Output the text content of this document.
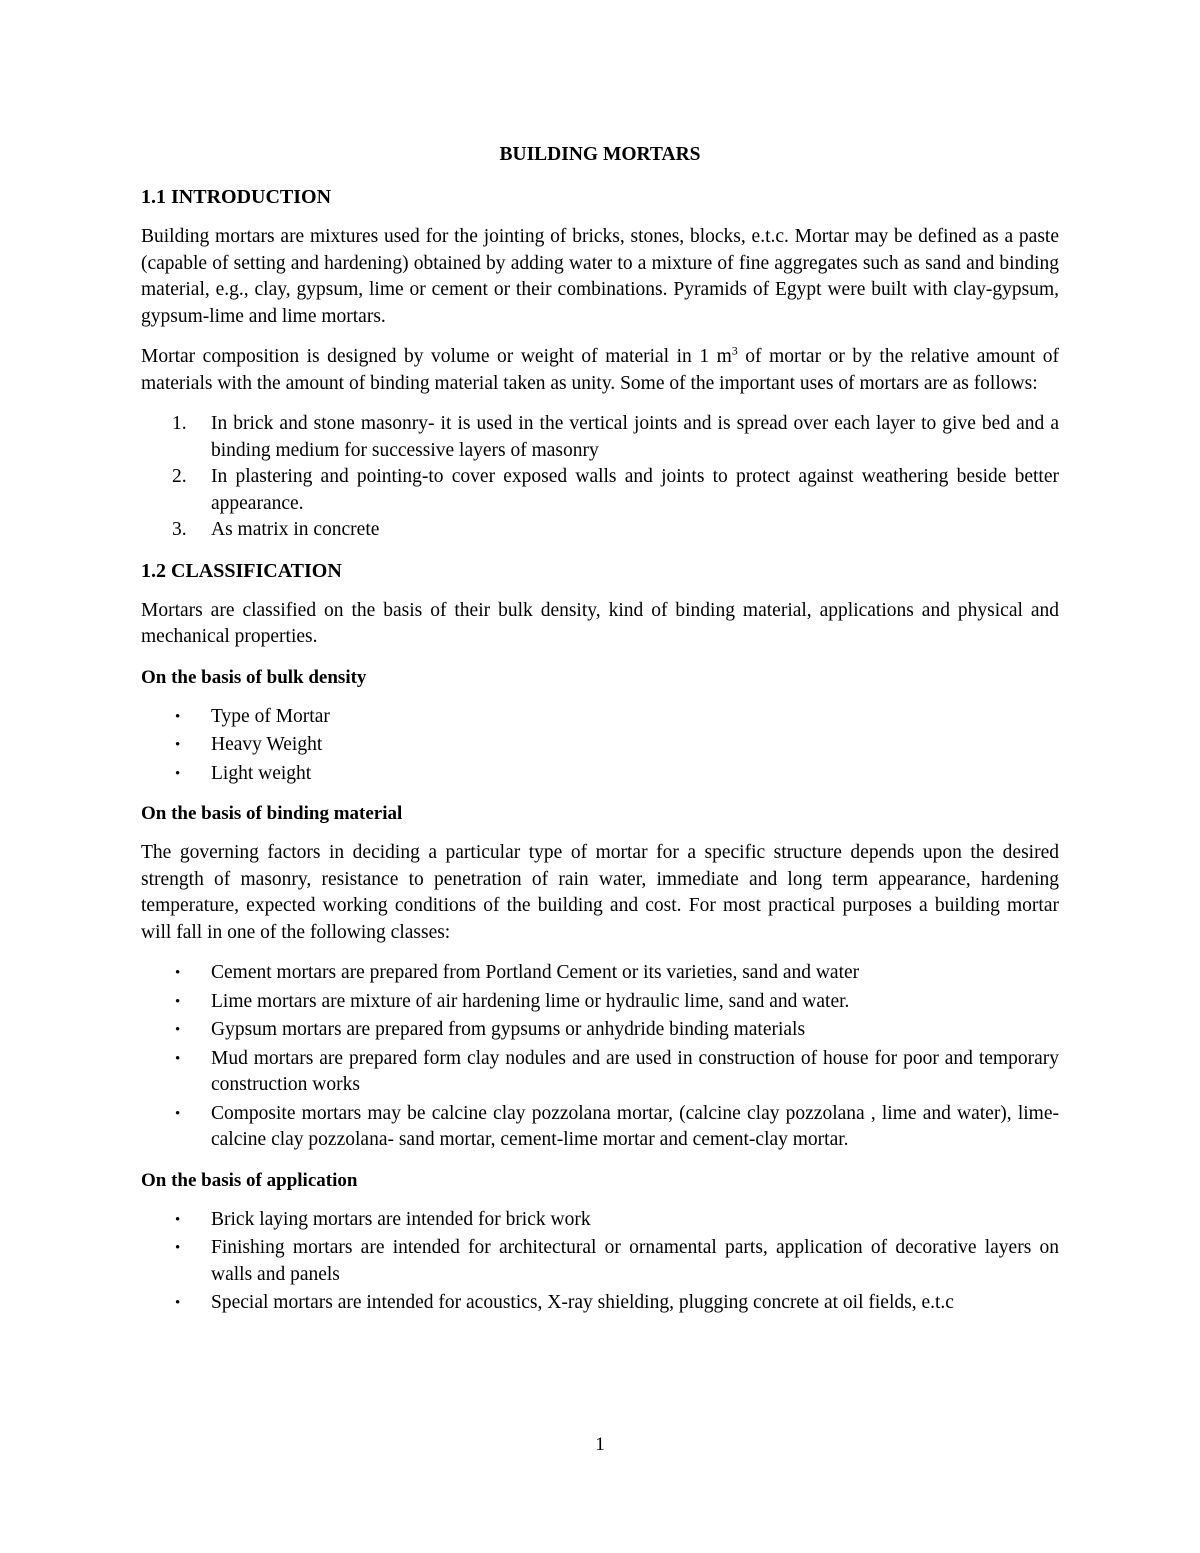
BUILDING MORTARS
1.1 INTRODUCTION

Building mortars are mixtures used for the jointing of bricks, stones, blocks, e.t.c. Mortar may be defined as a paste (capable of setting and hardening) obtained by adding water to a mixture of fine aggregates such as sand and binding material, e.g., clay, gypsum, lime or cement or their combinations. Pyramids of Egypt were built with clay-gypsum, gypsum-lime and lime mortars.

Mortar composition is designed by volume or weight of material in 1 $m^3$ of mortar or by the relative amount of materials with the amount of binding material taken as unity. Some of the important uses of mortars are as follows:

1. In brick and stone masonry- it is used in the vertical joints and is spread over each layer to give bed and a binding medium for successive layers of masonry
2. In plastering and pointing-to cover exposed walls and joints to protect against weathering beside better appearance.
3. As matrix in concrete
1.2 CLASSIFICATION

Mortars are classified on the basis of their bulk density, kind of binding material, applications and physical and mechanical properties.

On the basis of bulk density
• Type of Mortar
• Heavy Weight
• Light weight
On the basis of binding material

The governing factors in deciding a particular type of mortar for a specific structure depends upon the desired strength of masonry, resistance to penetration of rain water, immediate and long term appearance, hardening temperature, expected working conditions of the building and cost. For most practical purposes a building mortar will fall in one of the following classes:

• Cement mortars are prepared from Portland Cement or its varieties, sand and water
• Lime mortars are mixture of air hardening lime or hydraulic lime, sand and water.
• Gypsum mortars are prepared from gypsums or anhydride binding materials
• Mud mortars are prepared form clay nodules and are used in construction of house for poor and temporary construction works
• Composite mortars may be calcine clay pozzolana mortar, (calcine clay pozzolana , lime and water), lime- calcine clay pozzolana- sand mortar, cement-lime mortar and cement-clay mortar.
On the basis of application
• Brick laying mortars are intended for brick work
• Finishing mortars are intended for architectural or ornamental parts, application of decorative layers on walls and panels
• Special mortars are intended for acoustics, X-ray shielding, plugging concrete at oil fields, e.t.c
1
